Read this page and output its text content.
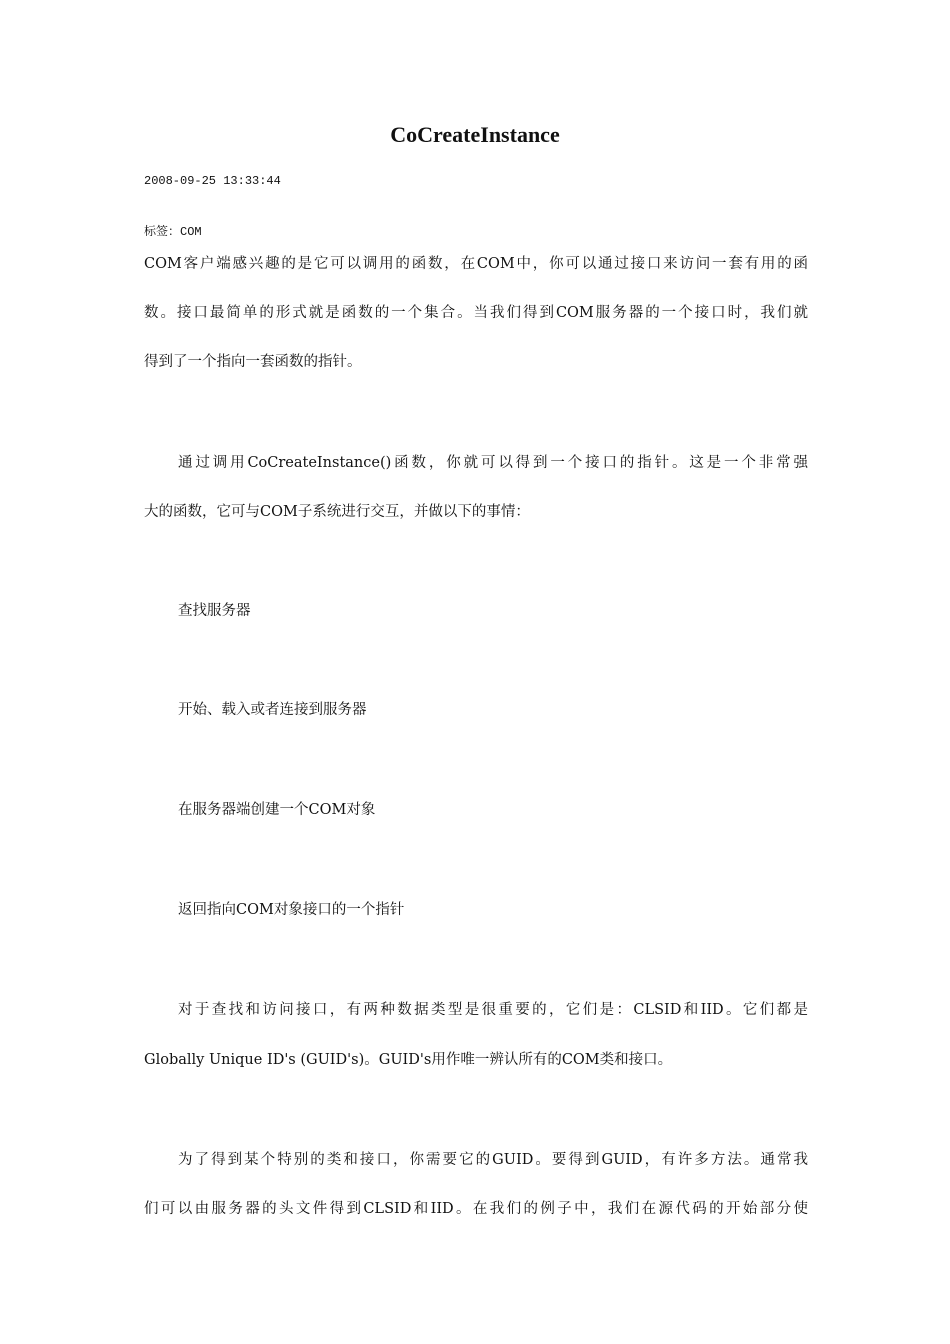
CoCreateInstance
2008-09-25 13:33:44
标签：COM
COM客户端感兴趣的是它可以调用的函数，在COM中，你可以通过接口来访问一套有用的函
数。接口最简单的形式就是函数的一个集合。当我们得到COM服务器的一个接口时，我们就
得到了一个指向一套函数的指针。
通过调用CoCreateInstance()函数，你就可以得到一个接口的指针。这是一个非常强
大的函数，它可与COM子系统进行交互，并做以下的事情：
查找服务器
开始、载入或者连接到服务器
在服务器端创建一个COM对象
返回指向COM对象接口的一个指针
对于查找和访问接口，有两种数据类型是很重要的，它们是：CLSID和IID。它们都是
Globally Unique ID's (GUID's)。GUID's用作唯一辨认所有的COM类和接口。
为了得到某个特别的类和接口，你需要它的GUID。要得到GUID，有许多方法。通常我
们可以由服务器的头文件得到CLSID和IID。在我们的例子中，我们在源代码的开始部分使
